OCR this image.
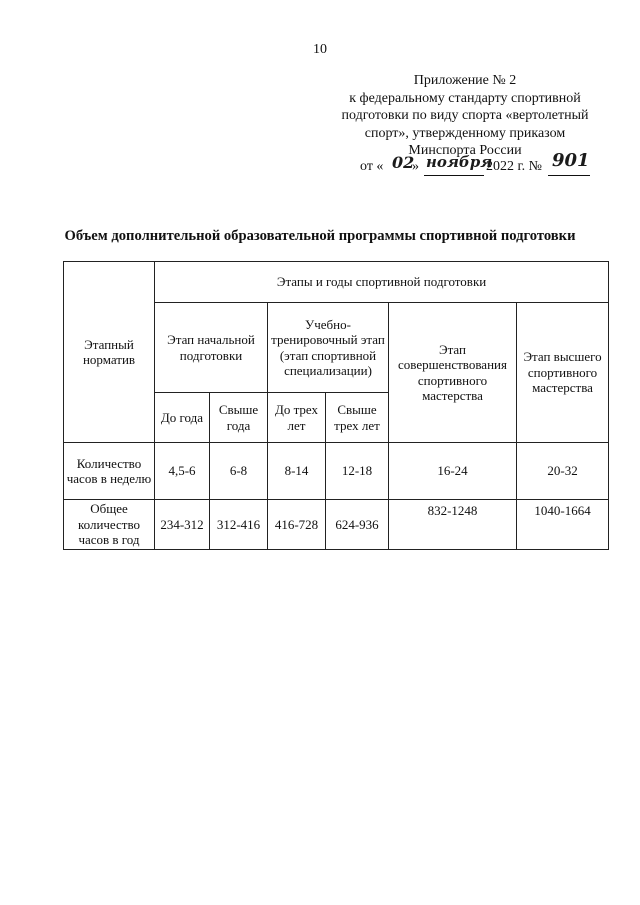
10
Приложение № 2
к федеральному стандарту спортивной
подготовки по виду спорта «вертолетный
спорт», утвержденному приказом
Минспорта России
от « 02
» ноября
2022 г. № 901
Объем дополнительной образовательной программы спортивной подготовки
Этапный норматив	Этапы и годы спортивной подготовки					
	Этап начальной подготовки		Учебно-тренировочный этап (этап спортивной специализации)		Этап совершенствования спортивного мастерства	Этап высшего спортивного мастерства
	До года	Свыше года	До трех лет	Свыше трех лет		
Количество часов в неделю	4,5-6	6-8	8-14	12-18	16-24	20-32
Общее количество часов в год	234-312	312-416	416-728	624-936	832-1248	1040-1664
